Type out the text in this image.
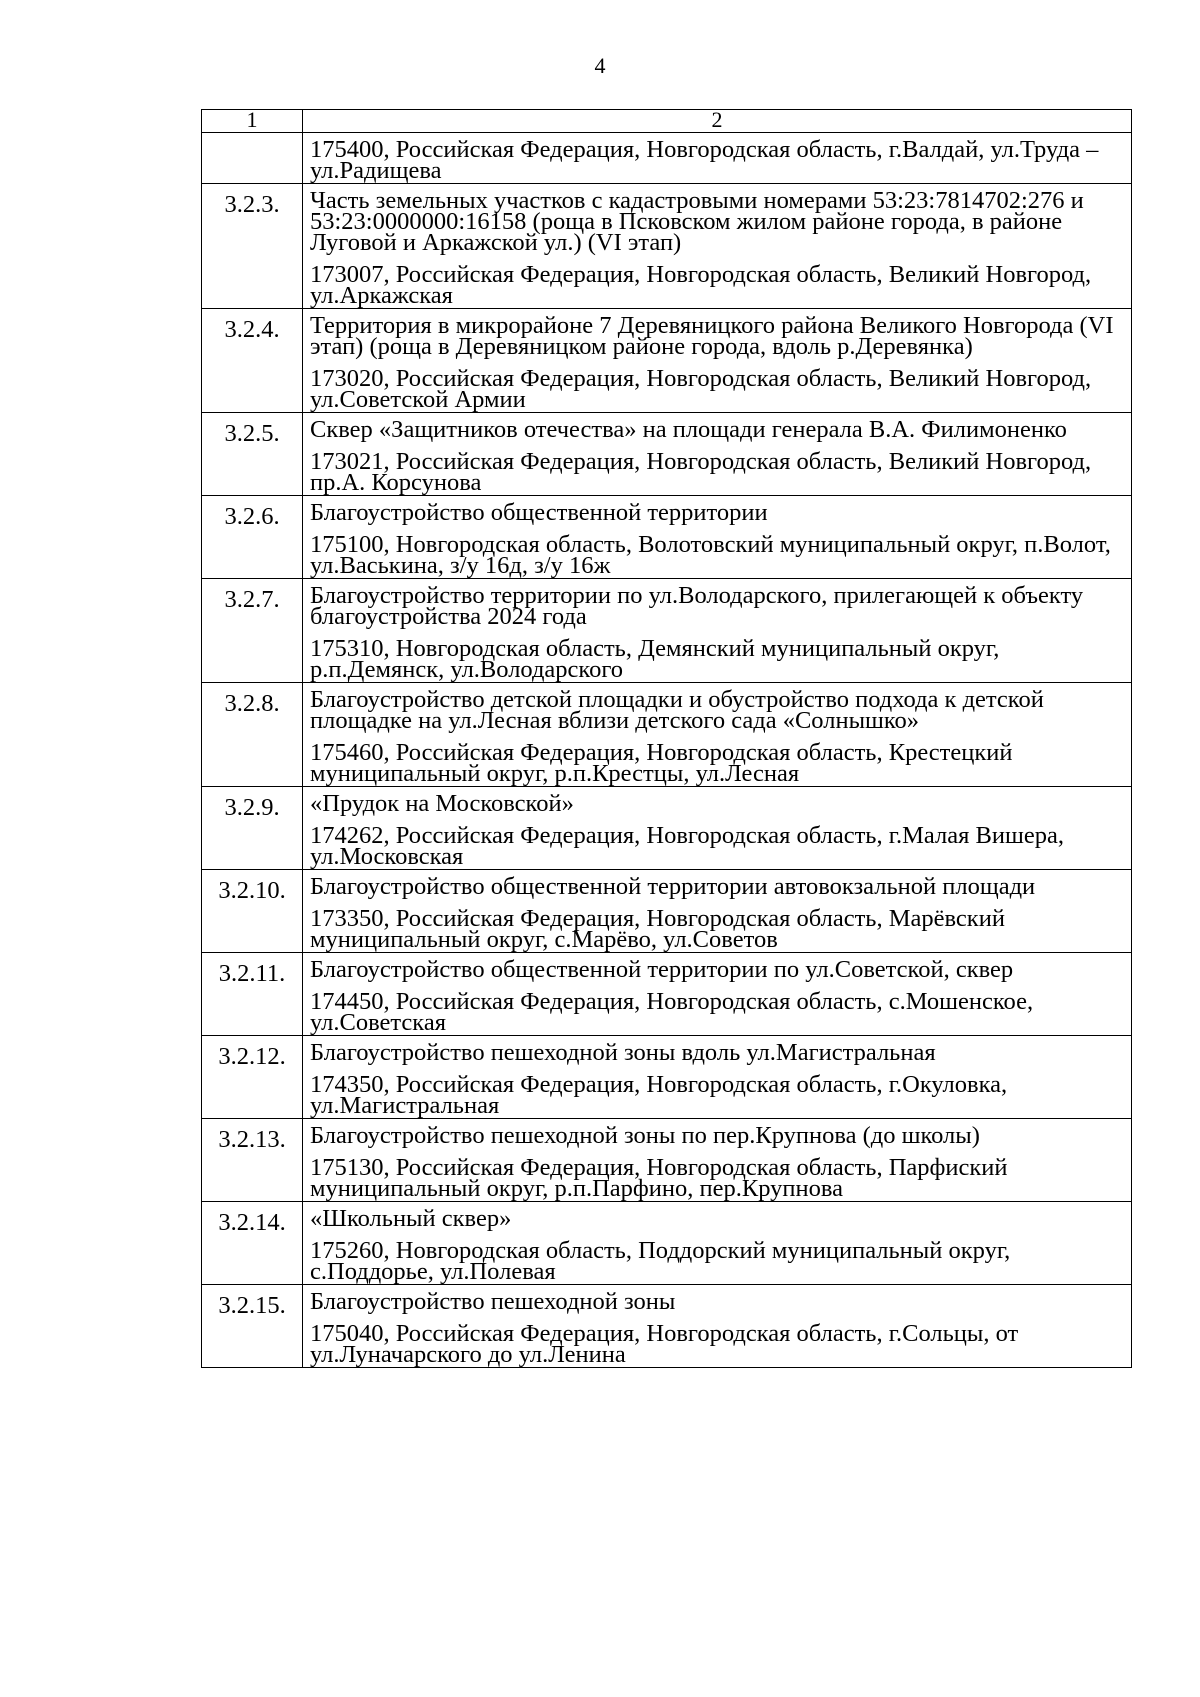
4
1	2

	175400, Российская Федерация, Новгородская область, г.Валдай, ул.Труда – ул.Радищева

3.2.3.	Часть земельных участков с кадастровыми номерами 53:23:7814702:276 и 53:23:0000000:16158 (роща в Псковском жилом районе города, в районе Луговой и Аркажской ул.) (VI этап)
173007, Российская Федерация, Новгородская область, Великий Новгород, ул.Аркажская

3.2.4.	Территория в микрорайоне 7 Деревяницкого района Великого Новгорода (VI этап) (роща в Деревяницком районе города, вдоль р.Деревянка)
173020, Российская Федерация, Новгородская область, Великий Новгород, ул.Советской Армии

3.2.5.	Сквер «Защитников отечества» на площади генерала В.А. Филимоненко
173021, Российская Федерация, Новгородская область, Великий Новгород, пр.А. Корсунова

3.2.6.	Благоустройство общественной территории
175100, Новгородская область, Волотовский муниципальный округ, п.Волот, ул.Васькина, з/у 16д, з/у 16ж

3.2.7.	Благоустройство территории по ул.Володарского, прилегающей к объекту благоустройства 2024 года
175310, Новгородская область, Демянский муниципальный округ, р.п.Демянск, ул.Володарского

3.2.8.	Благоустройство детской площадки и обустройство подхода к детской площадке на ул.Лесная вблизи детского сада «Солнышко»
175460, Российская Федерация, Новгородская область, Крестецкий муниципальный округ, р.п.Крестцы, ул.Лесная

3.2.9.	«Прудок на Московской»
174262, Российская Федерация, Новгородская область, г.Малая Вишера, ул.Московская

3.2.10.	Благоустройство общественной территории автовокзальной площади
173350, Российская Федерация, Новгородская область, Марёвский муниципальный округ, с.Марёво, ул.Советов

3.2.11.	Благоустройство общественной территории по ул.Советской, сквер
174450, Российская Федерация, Новгородская область, с.Мошенское, ул.Советская

3.2.12.	Благоустройство пешеходной зоны вдоль ул.Магистральная
174350, Российская Федерация, Новгородская область, г.Окуловка, ул.Магистральная

3.2.13.	Благоустройство пешеходной зоны по пер.Крупнова (до школы)
175130, Российская Федерация, Новгородская область, Парфиский муниципальный округ, р.п.Парфино, пер.Крупнова

3.2.14.	«Школьный сквер»
175260, Новгородская область, Поддорский муниципальный округ, с.Поддорье, ул.Полевая

3.2.15.	Благоустройство пешеходной зоны
175040, Российская Федерация, Новгородская область, г.Сольцы, от ул.Луначарского до ул.Ленина
